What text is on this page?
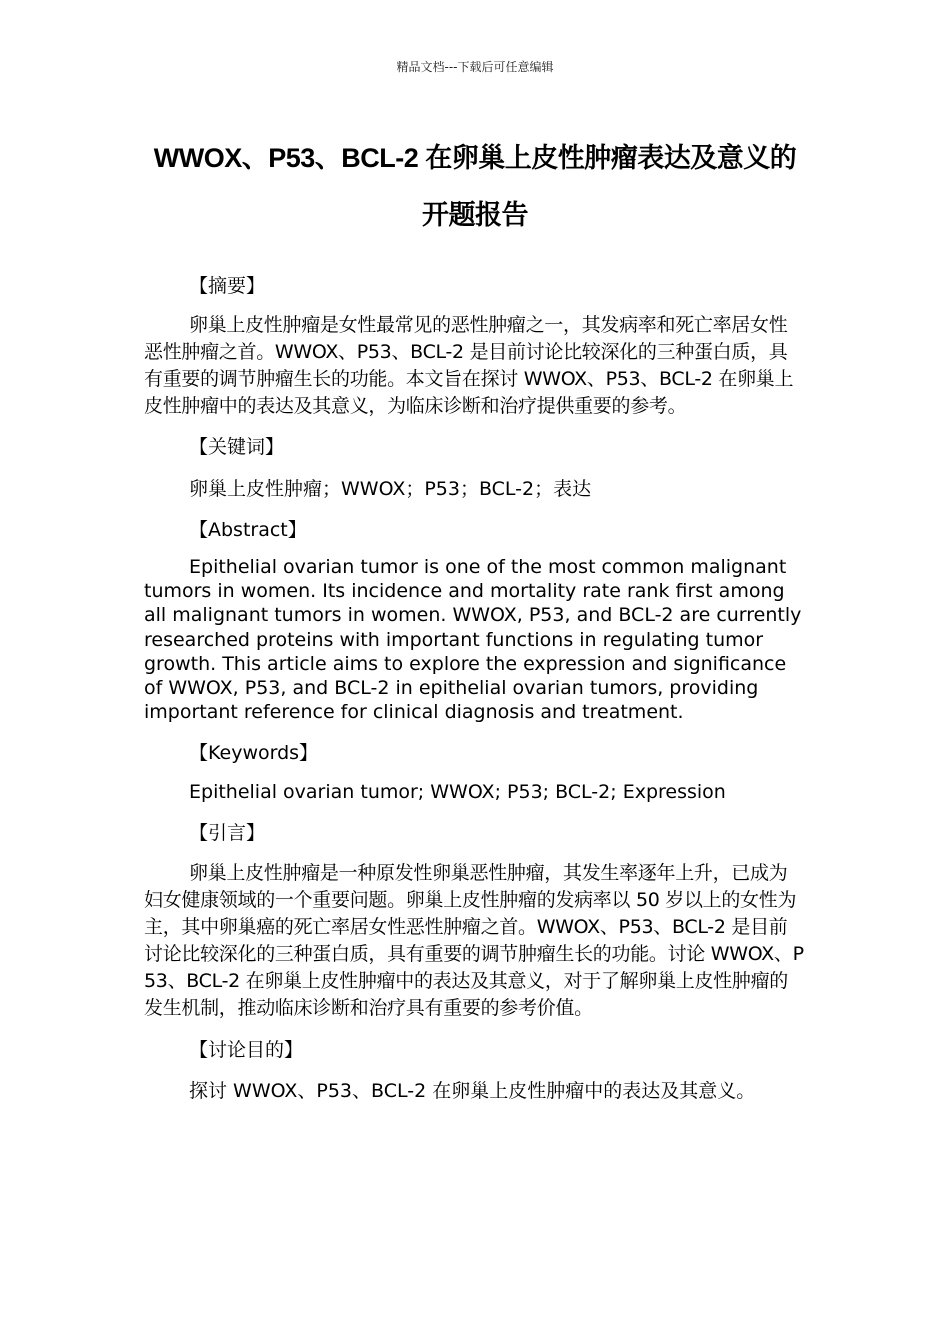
精品文档---下载后可任意编辑
WWOX、P53、BCL-2 在卵巢上皮性肿瘤表达及意义的开题报告

【摘要】

卵巢上皮性肿瘤是女性最常见的恶性肿瘤之一，其发病率和死亡率居女性恶性肿瘤之首。WWOX、P53、BCL-2 是目前讨论比较深化的三种蛋白质，具有重要的调节肿瘤生长的功能。本文旨在探讨 WWOX、P53、BCL-2 在卵巢上皮性肿瘤中的表达及其意义，为临床诊断和治疗提供重要的参考。

【关键词】

卵巢上皮性肿瘤；WWOX；P53；BCL-2；表达

【Abstract】

Epithelial ovarian tumor is one of the most common malignant tumors in women. Its incidence and mortality rate rank first among all malignant tumors in women. WWOX, P53, and BCL-2 are currently researched proteins with important functions in regulating tumor growth. This article aims to explore the expression and significance of WWOX, P53, and BCL-2 in epithelial ovarian tumors, providing important reference for clinical diagnosis and treatment.

【Keywords】

Epithelial ovarian tumor; WWOX; P53; BCL-2; Expression

【引言】

卵巢上皮性肿瘤是一种原发性卵巢恶性肿瘤，其发生率逐年上升，已成为妇女健康领域的一个重要问题。卵巢上皮性肿瘤的发病率以 50 岁以上的女性为主，其中卵巢癌的死亡率居女性恶性肿瘤之首。WWOX、P53、BCL-2 是目前讨论比较深化的三种蛋白质，具有重要的调节肿瘤生长的功能。讨论 WWOX、P53、BCL-2 在卵巢上皮性肿瘤中的表达及其意义，对于了解卵巢上皮性肿瘤的发生机制，推动临床诊断和治疗具有重要的参考价值。

【讨论目的】

探讨 WWOX、P53、BCL-2 在卵巢上皮性肿瘤中的表达及其意义。
